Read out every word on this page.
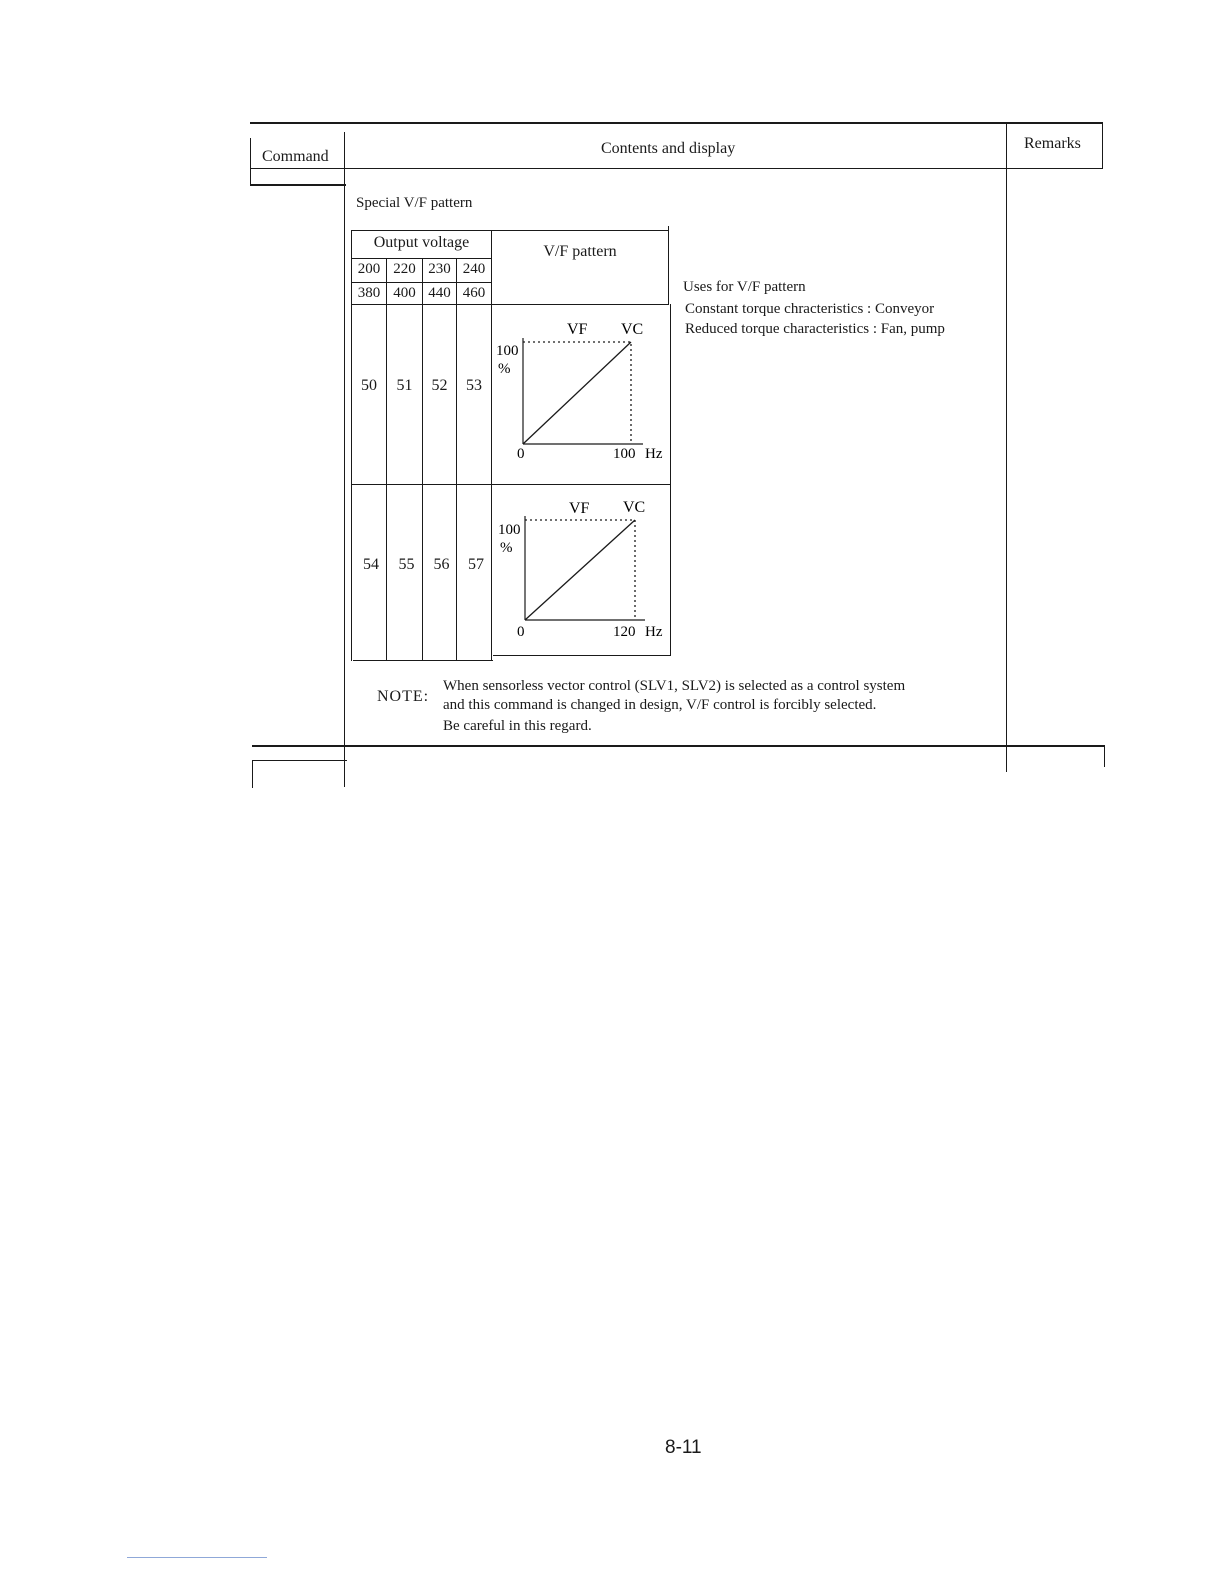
Command	Contents and display	Remarks
Special V/F pattern
Output voltage
V/F pattern
200 220 230 240
380 400 440 460
50	51	52	53
54	55	56	57
VF VC
100
%
0	100 Hz
VF VC
100
%
0	120 Hz
Uses for V/F pattern
Constant torque chracteristics : Conveyor
Reduced torque characteristics : Fan, pump
NOTE:
When sensorless vector control (SLV1, SLV2) is selected as a control system
and this command is changed in design, V/F control is forcibly selected.
Be careful in this regard.
8-11
